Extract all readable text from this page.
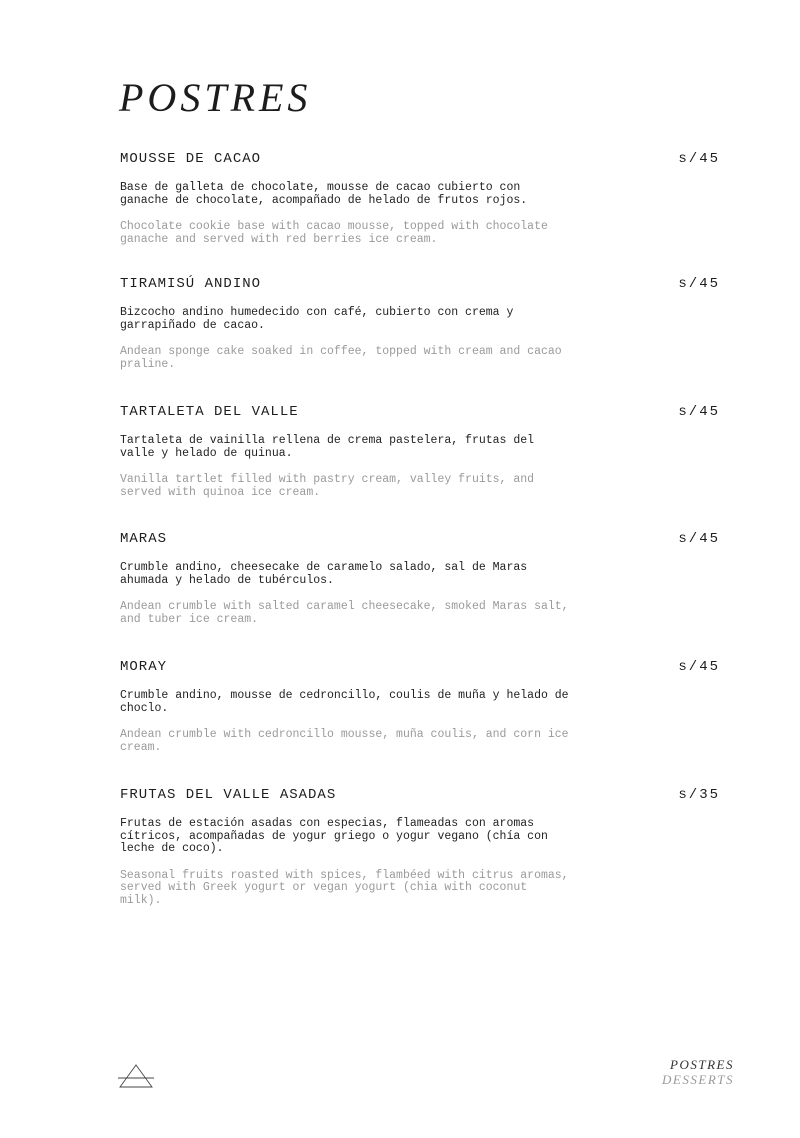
POSTRES
MOUSSE DE CACAO	s/45
Base de galleta de chocolate, mousse de cacao cubierto con
ganache de chocolate, acompañado de helado de frutos rojos.
Chocolate cookie base with cacao mousse, topped with chocolate
ganache and served with red berries ice cream.
TIRAMISÚ ANDINO	s/45
Bizcocho andino humedecido con café, cubierto con crema y
garrapiñado de cacao.
Andean sponge cake soaked in coffee, topped with cream and cacao
praline.
TARTALETA DEL VALLE	s/45
Tartaleta de vainilla rellena de crema pastelera, frutas del
valle y helado de quinua.
Vanilla tartlet filled with pastry cream, valley fruits, and
served with quinoa ice cream.
MARAS	s/45
Crumble andino, cheesecake de caramelo salado, sal de Maras
ahumada y helado de tubérculos.
Andean crumble with salted caramel cheesecake, smoked Maras salt,
and tuber ice cream.
MORAY	s/45
Crumble andino, mousse de cedroncillo, coulis de muña y helado de
choclo.
Andean crumble with cedroncillo mousse, muña coulis, and corn ice
cream.
FRUTAS DEL VALLE ASADAS	s/35
Frutas de estación asadas con especias, flameadas con aromas
cítricos, acompañadas de yogur griego o yogur vegano (chía con
leche de coco).
Seasonal fruits roasted with spices, flambéed with citrus aromas,
served with Greek yogurt or vegan yogurt (chia with coconut
milk).
POSTRES
DESSERTS
